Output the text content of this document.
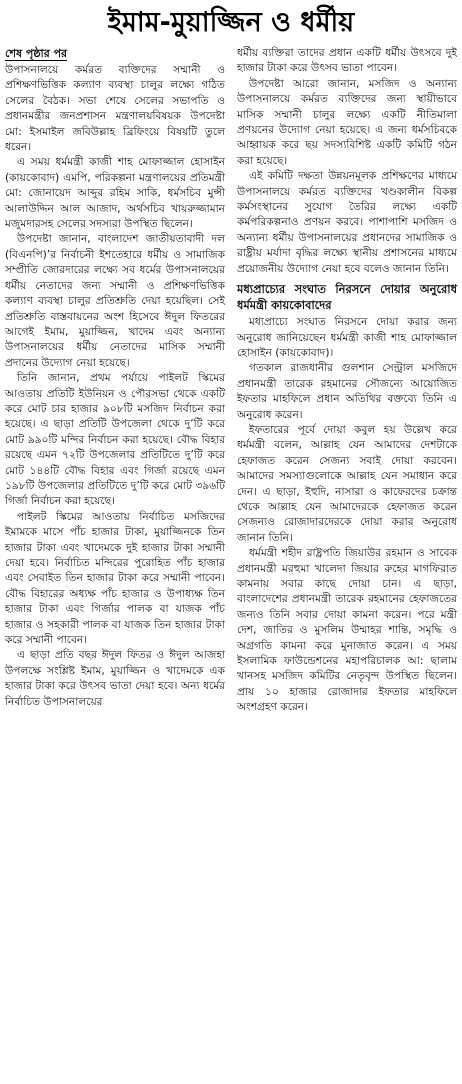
ইমাম-মুয়াজ্জিন ও ধর্মীয়
শেষ পৃষ্ঠার পর

উপাসনালয়ে কর্মরত ব্যক্তিদের সম্মানী ও প্রশিক্ষণভিত্তিক কল্যাণ ব্যবস্থা চালুর লক্ষ্যে গঠিত সেলের বৈঠক। সভা শেষে সেলের সভাপতি ও প্রধানমন্ত্রীর জনপ্রশাসন মন্ত্রণালয়বিষয়ক উপদেষ্টা মো: ইসমাইল জবিউল্লাহ ব্রিফিংয়ে বিষয়টি তুলে ধরেন।

এ সময় ধর্মমন্ত্রী কাজী শাহ মোফাজ্জাল হোসাইন (কায়কোবাদ) এমপি, পরিকল্পনা মন্ত্রণালয়ের প্রতিমন্ত্রী মো: জোনায়েদ আব্দুর রহিম সাকি, ধর্মসচিব মুন্সী আলাউদ্দিন আল আজাদ, অর্থসচিব খায়রুজ্জামান মজুমদারসহ সেলের সদস্যরা উপস্থিত ছিলেন।

উপদেষ্টা জানান, বাংলাদেশ জাতীয়তাবাদী দল (বিএনপি)’র নির্বাচনী ইশতেহারে ধর্মীয় ও সামাজিক সম্প্রীতি জোরদারের লক্ষ্যে সব ধর্মের উপাসনালয়ের ধর্মীয় নেতাদের জন্য সম্মানী ও প্রশিক্ষণভিত্তিক কল্যাণ ব্যবস্থা চালুর প্রতিশ্রুতি দেয়া হয়েছিল। সেই প্রতিশ্রুতি বাস্তবায়নের অংশ হিসেবে ঈদুল ফিতরের আগেই ইমাম, মুয়াজ্জিন, খাদেম এবং অন্যান্য উপাসনালয়ের ধর্মীয় নেতাদের মাসিক সম্মানী প্রদানের উদ্যোগ নেয়া হয়েছে।

তিনি জানান, প্রথম পর্যায়ে পাইলট স্কিমের আওতায় প্রতিটি ইউনিয়ন ও পৌরসভা থেকে একটি করে মোট চার হাজার ৯০৮টি মসজিদ নির্বাচন করা হয়েছে। এ ছাড়া প্রতিটি উপজেলা থেকে দু’টি করে মোট ৯৯০টি মন্দির নির্বাচন করা হয়েছে। বৌদ্ধ বিহার রয়েছে এমন ৭২টি উপজেলার প্রতিটিতে দু’টি করে মোট ১৪৪টি বৌদ্ধ বিহার এবং গির্জা রয়েছে এমন ১৯৮টি উপজেলার প্রতিটিতে দু’টি করে মোট ৩৯৬টি গির্জা নির্বাচন করা হয়েছে।

পাইলট স্কিমের আওতায় নির্বাচিত মসজিদের ইমামকে মাসে পাঁচ হাজার টাকা, মুয়াজ্জিনকে তিন হাজার টাকা এবং খাদেমকে দুই হাজার টাকা সম্মানী দেয়া হবে। নির্বাচিত মন্দিরের পুরোহিত পাঁচ হাজার এবং সেবাইত তিন হাজার টাকা করে সম্মানী পাবেন। বৌদ্ধ বিহারের অধ্যক্ষ পাঁচ হাজার ও উপাধ্যক্ষ তিন হাজার টাকা এবং গির্জার পালক বা যাজক পাঁচ হাজার ও সহকারী পালক বা যাজক তিন হাজার টাকা করে সম্মানী পাবেন।

এ ছাড়া প্রতি বছর ঈদুল ফিতর ও ঈদুল আজহা উপলক্ষে সংশ্লিষ্ট ইমাম, মুয়াজ্জিন ও খাদেমকে এক হাজার টাকা করে উৎসব ভাতা দেয়া হবে। অন্য ধর্মের নির্বাচিত উপাসনালয়ের

ধর্মীয় ব্যক্তিরা তাদের প্রধান একটি ধর্মীয় উৎসবে দুই হাজার টাকা করে উৎসব ভাতা পাবেন।

উপদেষ্টা আরো জানান, মসজিদ ও অন্যান্য উপাসনালয়ে কর্মরত ব্যক্তিদের জন্য স্থায়ীভাবে মাসিক সম্মানী চালুর লক্ষ্যে একটি নীতিমালা প্রণয়নের উদ্যোগ নেয়া হয়েছে। এ জন্য ধর্মসচিবকে আহ্বায়ক করে ছয় সদস্যবিশিষ্ট একটি কমিটি গঠন করা হয়েছে।

এই কমিটি দক্ষতা উন্নয়নমূলক প্রশিক্ষণের মাধ্যমে উপাসনালয়ে কর্মরত ব্যক্তিদের খণ্ডকালীন বিকল্প কর্মসংস্থানের সুযোগ তৈরির লক্ষ্যে একটি কর্মপরিকল্পনাও প্রণয়ন করবে। পাশাপাশি মসজিদ ও অন্যান্য ধর্মীয় উপাসনালয়ের প্রধানদের সামাজিক ও রাষ্ট্রীয় মর্যাদা বৃদ্ধির লক্ষ্যে স্থানীয় প্রশাসনের মাধ্যমে প্রয়োজনীয় উদ্যোগ নেয়া হবে বলেও জানান তিনি।

মধ্যপ্রাচ্যের সংঘাত নিরসনে দোয়ার অনুরোধ ধর্মমন্ত্রী কায়কোবাদের

মধ্যপ্রাচ্যে সংঘাত নিরসনে দোয়া করার জন্য অনুরোধ জানিয়েছেন ধর্মমন্ত্রী কাজী শাহ মোফাজ্জাল হোসাইন (কায়কোবাদ)।

গতকাল রাজধানীর গুলশান সেন্ট্রাল মসজিদে প্রধানমন্ত্রী তারেক রহমানের সৌজন্যে আয়োজিত ইফতার মাহফিলে প্রধান অতিথির বক্তব্যে তিনি এ অনুরোধ করেন।

ইফতারের পূর্বে দোয়া কবুল হয় উল্লেখ করে ধর্মমন্ত্রী বলেন, আল্লাহ যেন আমাদের দেশটাকে হেফাজত করেন সেজন্য সবাই দোয়া করবেন। আমাদের সমস্যাগুলোকে আল্লাহ যেন সমাধান করে দেন। এ ছাড়া, ইহুদি, নাসারা ও কাফেরদের চক্রান্ত থেকে আল্লাহ যেন আমাদেরকে হেফাজত করেন সেজন্যও রোজাদারদেরকে দোয়া করার অনুরোধ জানান তিনি।

ধর্মমন্ত্রী শহীদ রাষ্ট্রপতি জিয়াউর রহমান ও সাবেক প্রধানমন্ত্রী মরহুমা খালেদা জিয়ার রুহের মাগফিরাত কামনায় সবার কাছে দোয়া চান। এ ছাড়া, বাংলাদেশের প্রধানমন্ত্রী তারেক রহমানের হেফাজতের জন্যও তিনি সবার দোয়া কামনা করেন। পরে মন্ত্রী দেশ, জাতির ও মুসলিম উম্মাহর শান্তি, সমৃদ্ধি ও অগ্রগতি কামনা করে মুনাজাত করেন। এ সময় ইসলামিক ফাউন্ডেশনের মহাপরিচালক আ: ছালাম খানসহ মসজিদ কমিটির নেতৃবৃন্দ উপস্থিত ছিলেন। প্রায় ১০ হাজার রোজাদার ইফতার মাহফিলে অংশগ্রহণ করেন।
